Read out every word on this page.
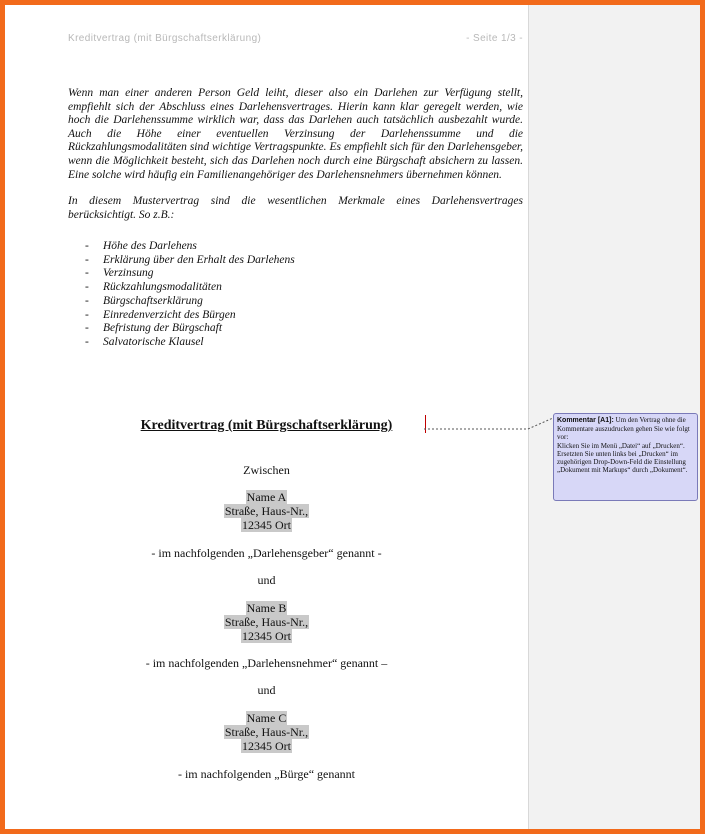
Kreditvertrag (mit Bürgschaftserklärung)	- Seite 1/3 -

Wenn man einer anderen Person Geld leiht, dieser also ein Darlehen zur Verfügung stellt, empfiehlt sich der Abschluss eines Darlehensvertrages. Hierin kann klar geregelt werden, wie hoch die Darlehenssumme wirklich war, dass das Darlehen auch tatsächlich ausbezahlt wurde. Auch die Höhe einer eventuellen Verzinsung der Darlehenssumme und die Rückzahlungsmodalitäten sind wichtige Vertragspunkte. Es empfiehlt sich für den Darlehensgeber, wenn die Möglichkeit besteht, sich das Darlehen noch durch eine Bürgschaft absichern zu lassen. Eine solche wird häufig ein Familienangehöriger des Darlehensnehmers übernehmen können.

In diesem Mustervertrag sind die wesentlichen Merkmale eines Darlehensvertrages berücksichtigt. So z.B.:

- Höhe des Darlehens
- Erklärung über den Erhalt des Darlehens
- Verzinsung
- Rückzahlungsmodalitäten
- Bürgschaftserklärung
- Einredenverzicht des Bürgen
- Befristung der Bürgschaft
- Salvatorische Klausel
Kreditvertrag (mit Bürgschaftserklärung)
Zwischen
Name A
Straße, Haus-Nr.,
12345 Ort
- im nachfolgenden „Darlehensgeber“ genannt -
und
Name B
Straße, Haus-Nr.,
12345 Ort
- im nachfolgenden „Darlehensnehmer“ genannt –
und
Name C
Straße, Haus-Nr.,
12345 Ort
- im nachfolgenden „Bürge“ genannt
Kommentar [A1]: Um den Vertrag ohne die Kommentare auszudrucken gehen Sie wie folgt vor:
Klicken Sie im Menü „Datei“ auf „Drucken“.
Ersetzten Sie unten links bei „Drucken“ im zugehörigen Drop-Down-Feld die Einstellung „Dokument mit Markups“ durch „Dokument“.
